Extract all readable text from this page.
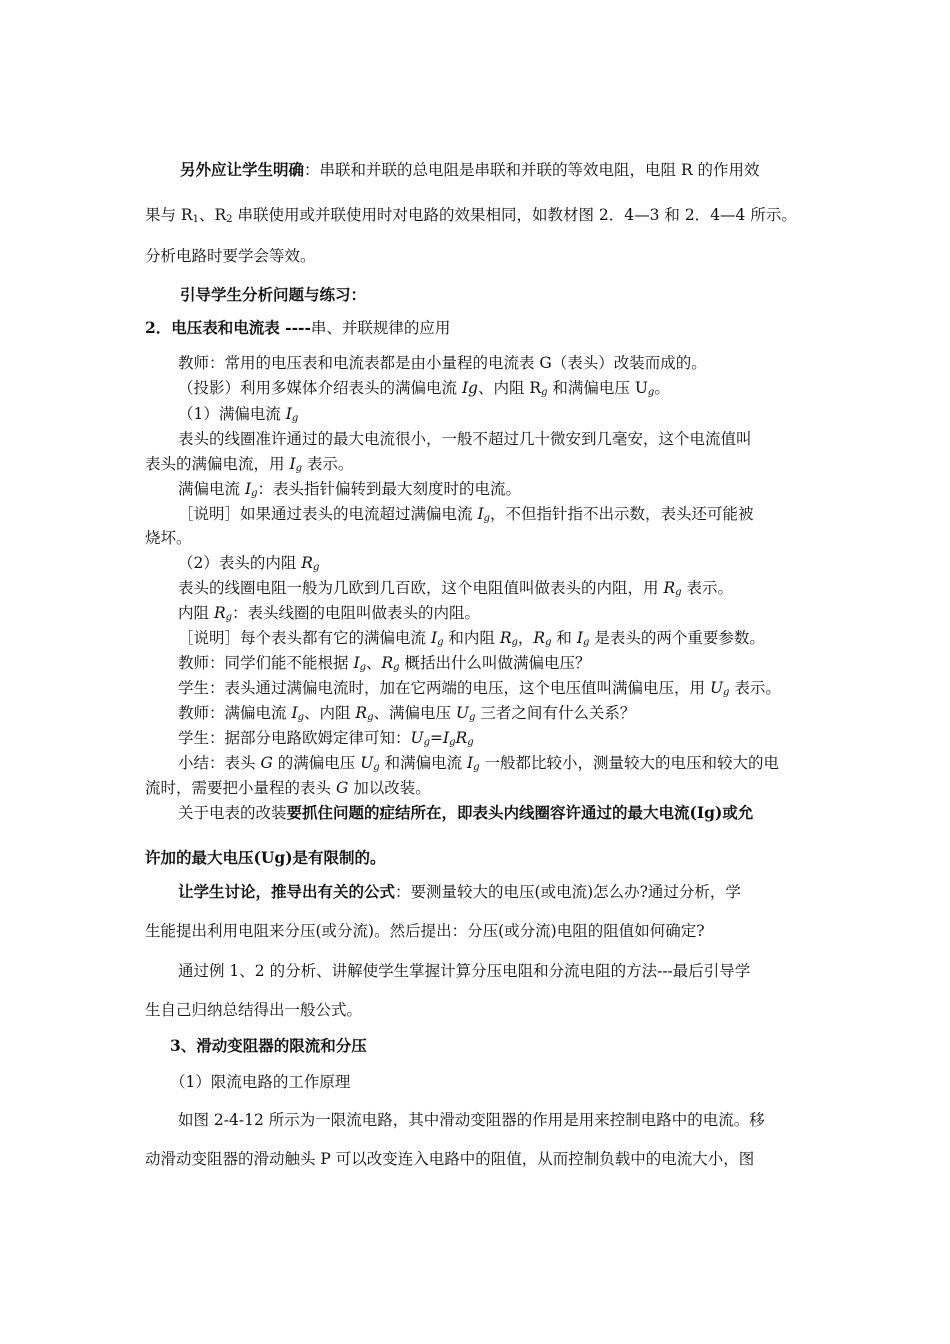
另外应让学生明确：串联和并联的总电阻是串联和并联的等效电阻，电阻 R 的作用效
果与 $R_1$、$R_2$ 串联使用或并联使用时对电路的效果相同，如教材图 2．4—3 和 2．4—4 所示。
分析电路时要学会等效。
引导学生分析问题与练习：
2．电压表和电流表 ----串、并联规律的应用
教师：常用的电压表和电流表都是由小量程的电流表 G（表头）改装而成的。
（投影）利用多媒体介绍表头的满偏电流 Ig、内阻 $R_g$ 和满偏电压 $U_g$。
（1）满偏电流 $I_g$
表头的线圈准许通过的最大电流很小，一般不超过几十微安到几毫安，这个电流值叫
表头的满偏电流，用 $I_g$ 表示。
满偏电流 $I_g$：表头指针偏转到最大刻度时的电流。
［说明］如果通过表头的电流超过满偏电流 $I_g$，不但指针指不出示数，表头还可能被
烧坏。
（2）表头的内阻 $R_g$
表头的线圈电阻一般为几欧到几百欧，这个电阻值叫做表头的内阻，用 $R_g$ 表示。
内阻 $R_g$：表头线圈的电阻叫做表头的内阻。
［说明］每个表头都有它的满偏电流 $I_g$ 和内阻 $R_g$，$R_g$ 和 $I_g$ 是表头的两个重要参数。
教师：同学们能不能根据 $I_g$、$R_g$ 概括出什么叫做满偏电压？
学生：表头通过满偏电流时，加在它两端的电压，这个电压值叫满偏电压，用 $U_g$ 表示。
教师：满偏电流 $I_g$、内阻 $R_g$、满偏电压 $U_g$ 三者之间有什么关系？
学生：据部分电路欧姆定律可知：$U_g=I_gR_g$
小结：表头 G 的满偏电压 $U_g$ 和满偏电流 $I_g$ 一般都比较小，测量较大的电压和较大的电
流时，需要把小量程的表头 G 加以改装。
关于电表的改装要抓住问题的症结所在，即表头内线圈容许通过的最大电流(Ig)或允
许加的最大电压(Ug)是有限制的。
让学生讨论，推导出有关的公式：要测量较大的电压(或电流)怎么办?通过分析，学
生能提出利用电阻来分压(或分流)。然后提出：分压(或分流)电阻的阻值如何确定?
通过例 1、2 的分析、讲解使学生掌握计算分压电阻和分流电阻的方法---最后引导学
生自己归纳总结得出一般公式。
3、滑动变阻器的限流和分压
（1）限流电路的工作原理
如图 2-4-12 所示为一限流电路，其中滑动变阻器的作用是用来控制电路中的电流。移
动滑动变阻器的滑动触头 P 可以改变连入电路中的阻值，从而控制负载中的电流大小，图
